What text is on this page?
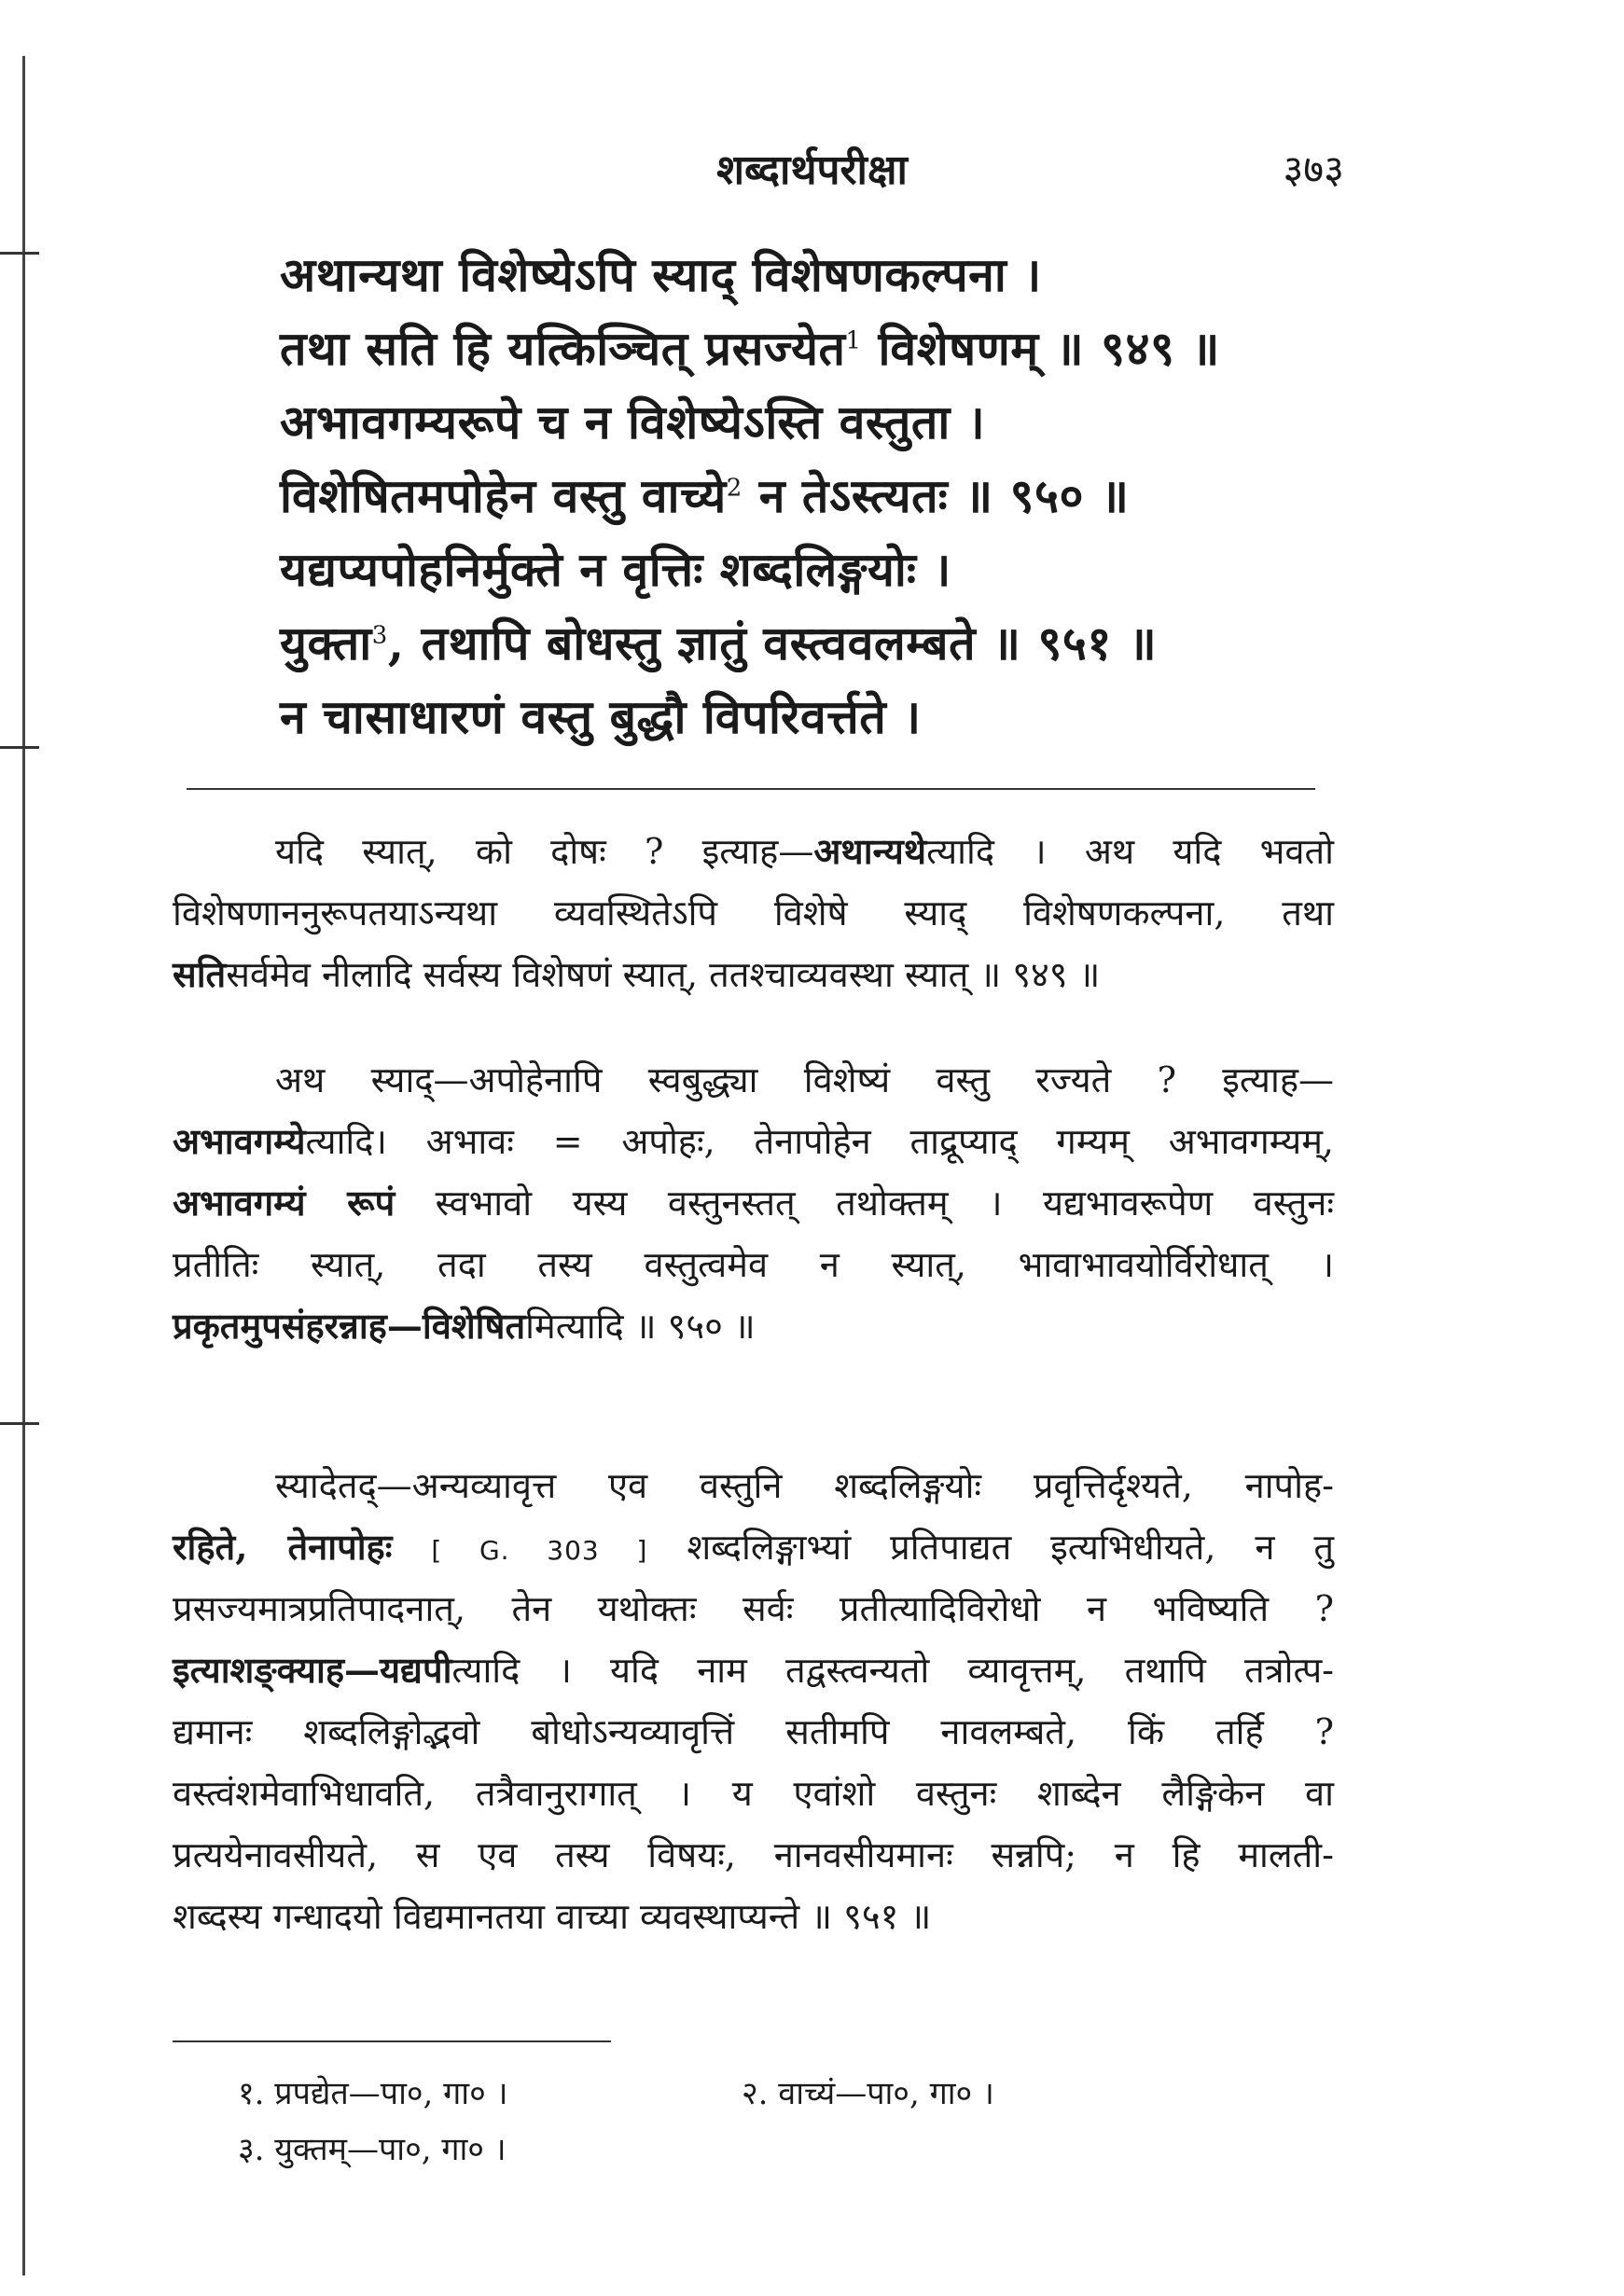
शब्दार्थपरीक्षा	३७३
अथान्यथा विशेष्येऽपि स्याद् विशेषणकल्पना ।
तथा सति हि यत्किञ्चित् प्रसज्येत$^1$ विशेषणम् ॥ ९४९ ॥
अभावगम्यरूपे च न विशेष्येऽस्ति वस्तुता ।
विशेषितमपोहेन वस्तु वाच्ये$^2$ न तेऽस्त्यतः ॥ ९५० ॥
यद्यप्यपोहनिर्मुक्ते न वृत्तिः शब्दलिङ्गयोः ।
युक्ता$^3$, तथापि बोधस्तु ज्ञातुं वस्त्ववलम्बते ॥ ९५१ ॥
न चासाधारणं वस्तु बुद्धौ विपरिवर्त्तते ।
यदि स्यात्, को दोषः ? इत्याह—अथान्यथेत्यादि । अथ यदि भवतो
विशेषणाननुरूपतयाऽन्यथा व्यवस्थितेऽपि विशेषे स्याद् विशेषणकल्पना, तथा
सतिसर्वमेव नीलादि सर्वस्य विशेषणं स्यात्, ततश्चाव्यवस्था स्यात् ॥ ९४९ ॥
अथ स्याद्—अपोहेनापि स्वबुद्ध्या विशेष्यं वस्तु रज्यते ? इत्याह—
अभावगम्येत्यादि। अभावः = अपोहः, तेनापोहेन ताद्रूप्याद् गम्यम् अभावगम्यम्,
अभावगम्यं रूपं स्वभावो यस्य वस्तुनस्तत् तथोक्तम् । यद्यभावरूपेण वस्तुनः
प्रतीतिः स्यात्, तदा तस्य वस्तुत्वमेव न स्यात्, भावाभावयोर्विरोधात् ।
प्रकृतमुपसंहरन्नाह—विशेषितमित्यादि ॥ ९५० ॥
स्यादेतद्—अन्यव्यावृत्त एव वस्तुनि शब्दलिङ्गयोः प्रवृत्तिर्दृश्यते, नापोह-
रहिते, तेनापोहः [ G. 303 ] शब्दलिङ्गाभ्यां प्रतिपाद्यत इत्यभिधीयते, न तु
प्रसज्यमात्रप्रतिपादनात्, तेन यथोक्तः सर्वः प्रतीत्यादिविरोधो न भविष्यति ?
इत्याशङ्क्याह—यद्यपीत्यादि । यदि नाम तद्वस्त्वन्यतो व्यावृत्तम्, तथापि तत्रोत्प-
द्यमानः शब्दलिङ्गोद्भवो बोधोऽन्यव्यावृत्तिं सतीमपि नावलम्बते, किं तर्हि ?
वस्त्वंशमेवाभिधावति, तत्रैवानुरागात् । य एवांशो वस्तुनः शाब्देन लैङ्गिकेन वा
प्रत्ययेनावसीयते, स एव तस्य विषयः, नानवसीयमानः सन्नपि; न हि मालती-
शब्दस्य गन्धादयो विद्यमानतया वाच्या व्यवस्थाप्यन्ते ॥ ९५१ ॥
१. प्रपद्येत—पा०, गा० ।	२. वाच्यं—पा०, गा० ।
३. युक्तम्—पा०, गा० ।
